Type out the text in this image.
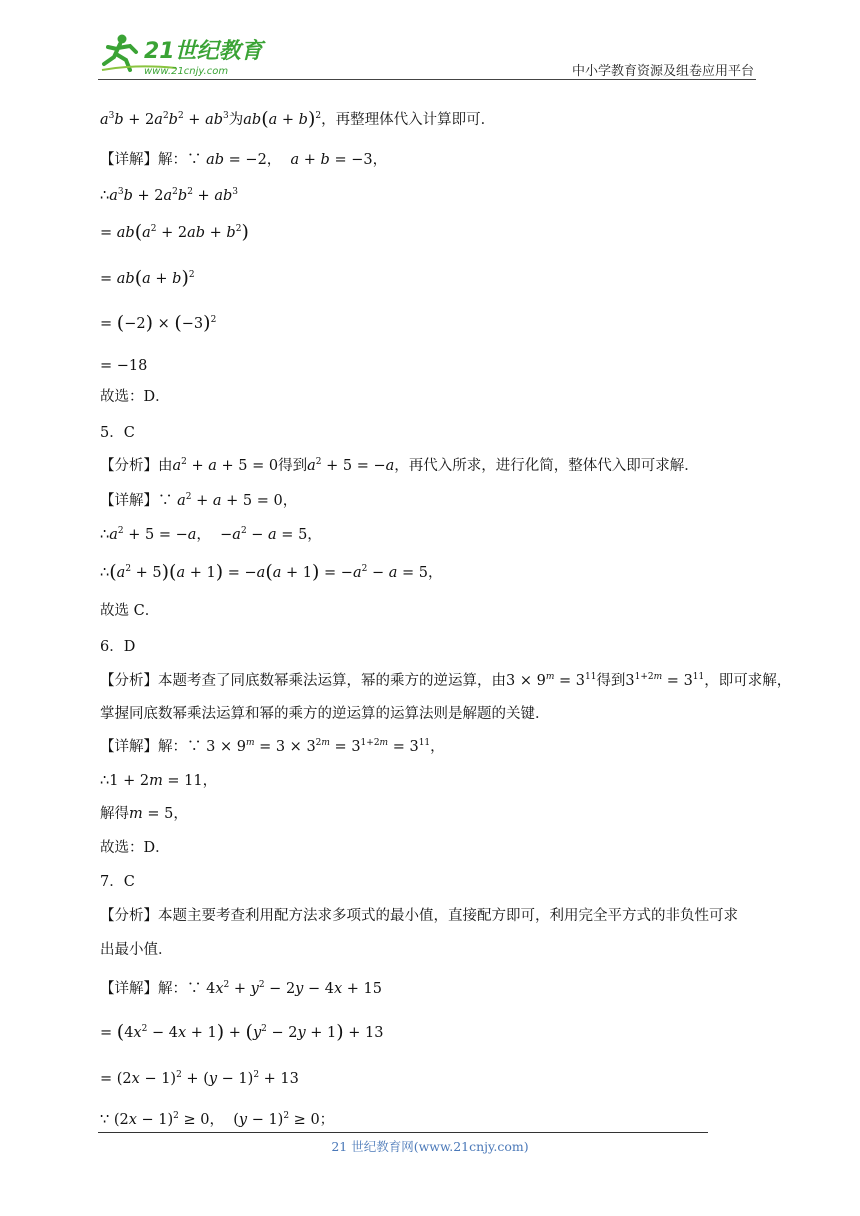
21世纪教育
www.21cnjy.com	中小学教育资源及组卷应用平台
$a^3b + 2a^2b^2 + ab^3$为$ab(a + b)^2$，再整理体代入计算即可．
【详解】解：∵ ab = −2， a + b = −3，
$\therefore a^3b + 2a^2b^2 + ab^3$
= $ab(a^2 + 2ab + b^2)$
= $ab(a + b)^2$
= $(-2) \times (-3)^2$
= −18
故选：D．
5．C
【分析】由$a^2 + a + 5 = 0$得到$a^2 + 5 = -a$，再代入所求，进行化简，整体代入即可求解．
【详解】∵ $a^2 + a + 5 = 0$，
$\therefore a^2 + 5 = -a$，  $-a^2 - a = 5$，
$\therefore(a^2 + 5)(a + 1) = -a(a + 1) = -a^2 - a = 5$，
故选 C．
6．D
【分析】本题考查了同底数幂乘法运算，幂的乘方的逆运算，由$3 \times 9^m = 3^{11}$得到$3^{1+2m} = 3^{11}$，即可求解，
掌握同底数幂乘法运算和幂的乘方的逆运算的运算法则是解题的关键．
【详解】解：∵ $3 \times 9^m = 3 \times 3^{2m} = 3^{1+2m} = 3^{11}$，
∴1 + 2m = 11，
解得m = 5，
故选：D．
7．C
【分析】本题主要考查利用配方法求多项式的最小值，直接配方即可，利用完全平方式的非负性可求
出最小值．
【详解】解：∵ $4x^2 + y^2 - 2y - 4x + 15$
= $(4x^2 - 4x + 1) + (y^2 - 2y + 1) + 13$
= $(2x - 1)^2 + (y - 1)^2 + 13$
∵ $(2x - 1)^2 \ge 0$，  $(y - 1)^2 \ge 0$；
21 世纪教育网(www.21cnjy.com)
